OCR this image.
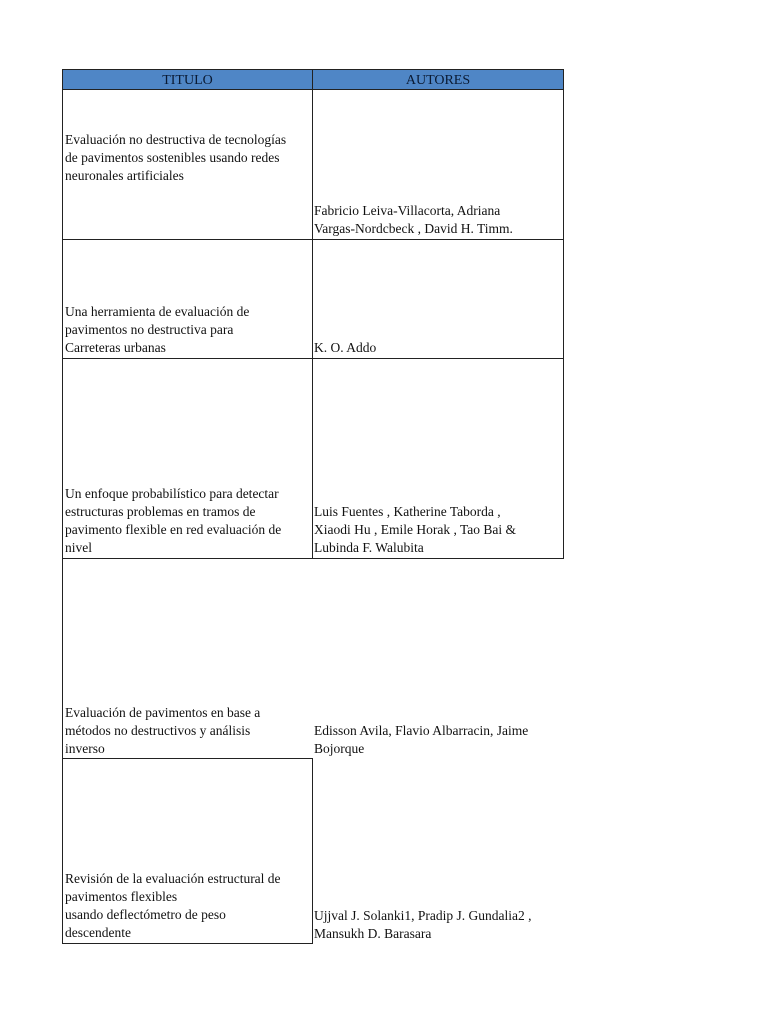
TITULO	AUTORES
Evaluación no destructiva de tecnologías
de pavimentos sostenibles usando redes
neuronales artificiales
Fabricio Leiva-Villacorta, Adriana
Vargas-Nordcbeck , David H. Timm.
Una herramienta de evaluación de
pavimentos no destructiva para
Carreteras urbanas	K. O. Addo
Un enfoque probabilístico para detectar
estructuras problemas en tramos de
pavimento flexible en red evaluación de
nivel
Luis Fuentes , Katherine Taborda ,
Xiaodi Hu , Emile Horak , Tao Bai &
Lubinda F. Walubita
Evaluación de pavimentos en base a
métodos no destructivos y análisis
inverso
Edisson Avila, Flavio Albarracin, Jaime
Bojorque
Revisión de la evaluación estructural de
pavimentos flexibles
usando deflectómetro de peso
descendente
Ujjval J. Solanki1, Pradip J. Gundalia2 ,
Mansukh D. Barasara
